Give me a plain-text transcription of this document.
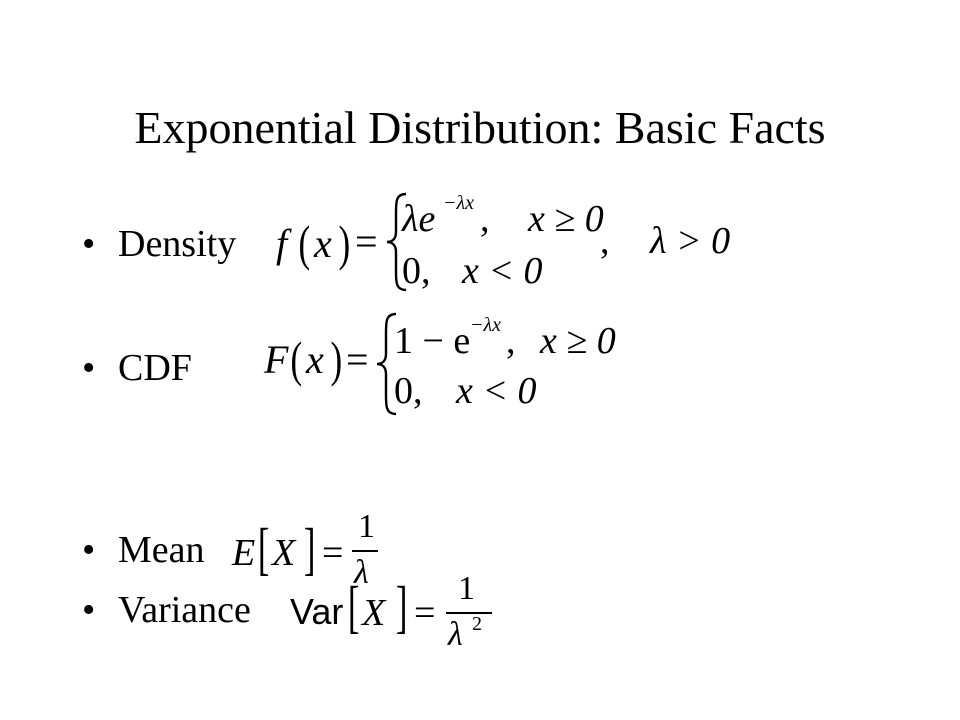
Exponential Distribution: Basic Facts
• Density f ( x ) = λe −λx , x ≥ 0
0, x < 0
, λ > 0
• CDF F ( x ) = 1 − e −λx , x ≥ 0
0, x < 0
• Mean E [ X ] =
1
λ
• Variance Var [ X ] =
1
λ 2
